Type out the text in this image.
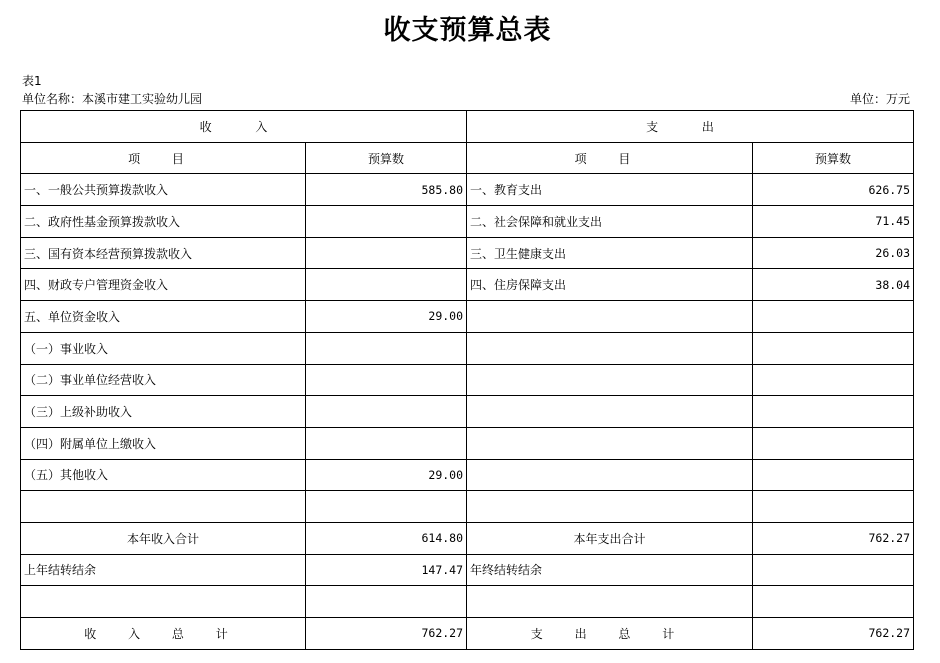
收支预算总表
表1
单位名称：本溪市建工实验幼儿园	单位：万元
收 入		支 出	
项 目	预算数	项 目	预算数
一、一般公共预算拨款收入	585.80	一、教育支出	626.75
二、政府性基金预算拨款收入		二、社会保障和就业支出	71.45
三、国有资本经营预算拨款收入		三、卫生健康支出	26.03
四、财政专户管理资金收入		四、住房保障支出	38.04
五、单位资金收入	29.00		
（一）事业收入			
（二）事业单位经营收入			
（三）上级补助收入			
（四）附属单位上缴收入			
（五）其他收入	29.00		

本年收入合计	614.80	本年支出合计	762.27
上年结转结余	147.47	年终结转结余	

收 入 总 计	762.27	支 出 总 计	762.27
